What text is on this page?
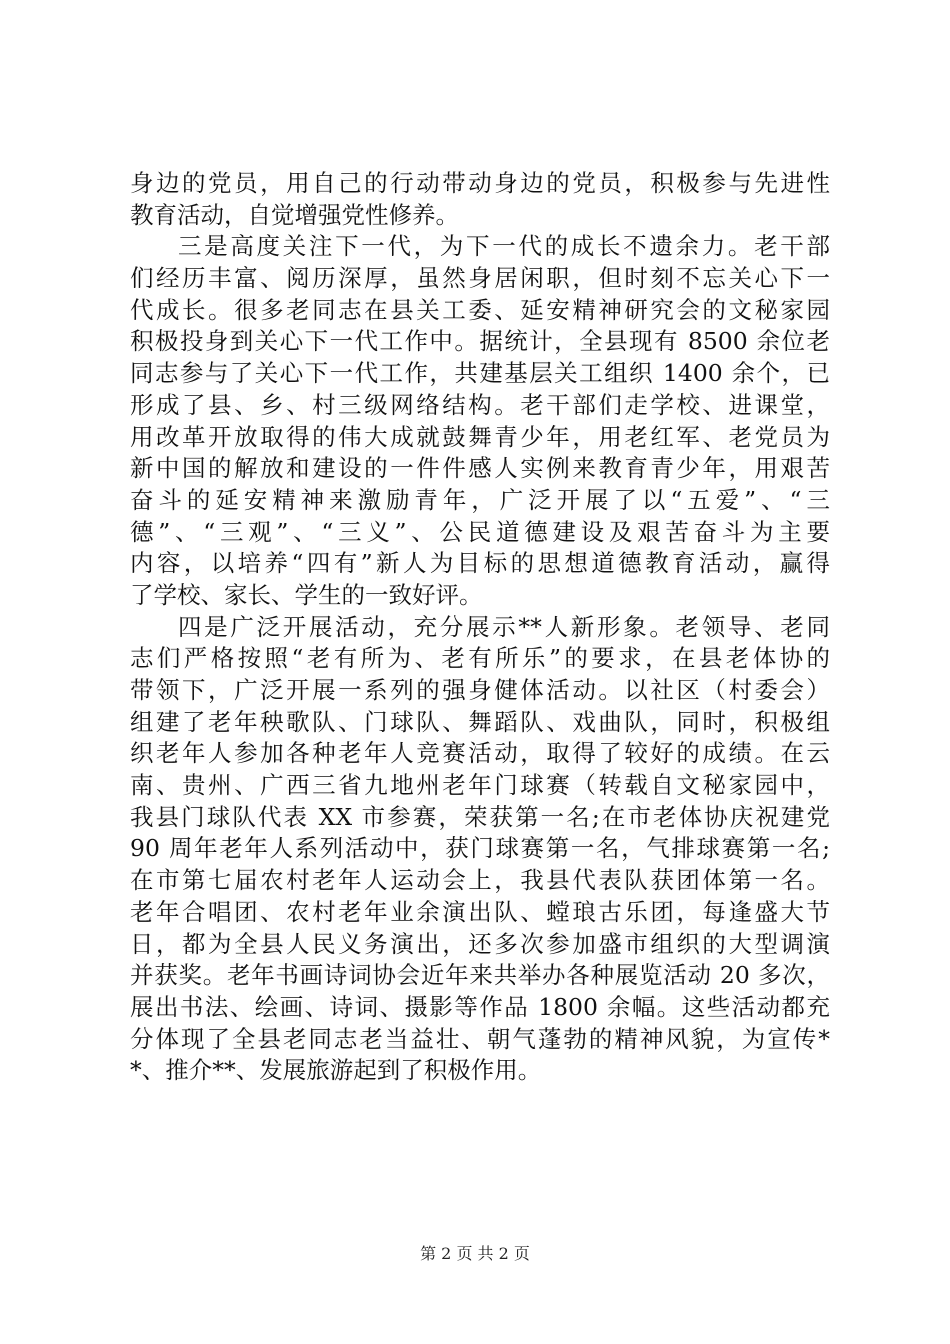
身边的党员，用自己的行动带动身边的党员，积极参与先进性
教育活动，自觉增强党性修养。
三是高度关注下一代，为下一代的成长不遗余力。老干部
们经历丰富、阅历深厚，虽然身居闲职，但时刻不忘关心下一
代成长。很多老同志在县关工委、延安精神研究会的文秘家园
积极投身到关心下一代工作中。据统计，全县现有 8500 余位老
同志参与了关心下一代工作，共建基层关工组织 1400 余个，已
形成了县、乡、村三级网络结构。老干部们走学校、进课堂，
用改革开放取得的伟大成就鼓舞青少年，用老红军、老党员为
新中国的解放和建设的一件件感人实例来教育青少年，用艰苦
奋斗的延安精神来激励青年，广泛开展了以“五爱”、“三
德”、“三观”、“三义”、公民道德建设及艰苦奋斗为主要
内容，以培养“四有”新人为目标的思想道德教育活动，赢得
了学校、家长、学生的一致好评。
四是广泛开展活动，充分展示**人新形象。老领导、老同
志们严格按照“老有所为、老有所乐”的要求，在县老体协的
带领下，广泛开展一系列的强身健体活动。以社区（村委会）
组建了老年秧歌队、门球队、舞蹈队、戏曲队，同时，积极组
织老年人参加各种老年人竞赛活动，取得了较好的成绩。在云
南、贵州、广西三省九地州老年门球赛（转载自文秘家园中，
我县门球队代表 XX 市参赛，荣获第一名;在市老体协庆祝建党
90 周年老年人系列活动中，获门球赛第一名，气排球赛第一名;
在市第七届农村老年人运动会上，我县代表队获团体第一名。
老年合唱团、农村老年业余演出队、螳琅古乐团，每逢盛大节
日，都为全县人民义务演出，还多次参加盛市组织的大型调演
并获奖。老年书画诗词协会近年来共举办各种展览活动 20 多次，
展出书法、绘画、诗词、摄影等作品 1800 余幅。这些活动都充
分体现了全县老同志老当益壮、朝气蓬勃的精神风貌，为宣传*
*、推介**、发展旅游起到了积极作用。
第 2 页 共 2 页
